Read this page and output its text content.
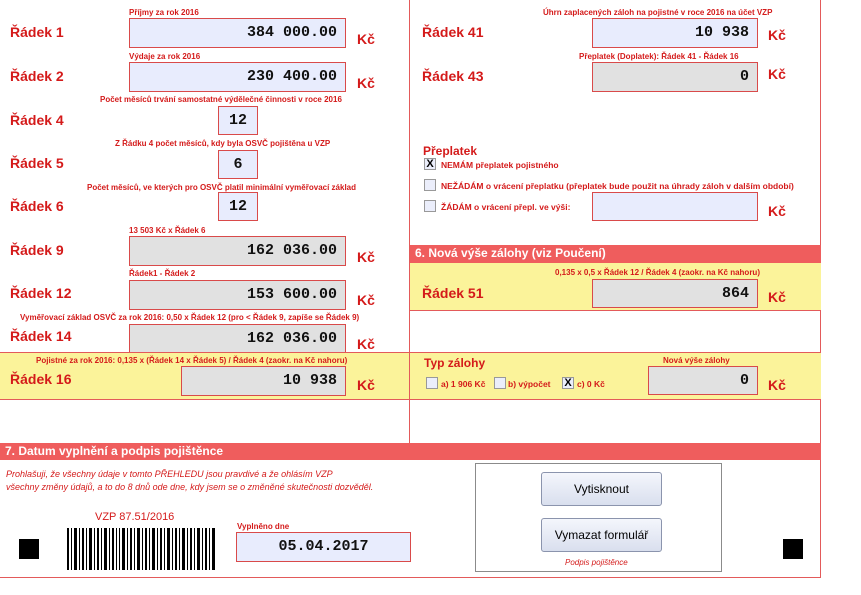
Řádek 1
Příjmy za rok 2016
384 000.00	Kč
Řádek 2
Výdaje za rok 2016
230 400.00	Kč
Řádek 4
Počet měsíců trvání samostatné výdělečné činnosti v roce 2016
12
Řádek 5
Z Řádku 4 počet měsíců, kdy byla OSVČ pojištěna u VZP
6
Řádek 6
Počet měsíců, ve kterých pro OSVČ platil minimální vyměřovací základ
12
Řádek 9
13 503 Kč x Řádek 6
162 036.00	Kč
Řádek 12
Řádek1 - Řádek 2
153 600.00	Kč
Řádek 14
Vyměřovací základ OSVČ za rok 2016: 0,50 x Řádek 12 (pro < Řádek 9, zapíše se Řádek 9)
162 036.00	Kč
Pojistné za rok 2016: 0,135 x (Řádek 14 x Řádek 5) / Řádek 4 (zaokr. na Kč nahoru)
Řádek 16	10 938	Kč
Řádek 41
Úhrn zaplacených záloh na pojistné v roce 2016 na účet VZP
10 938	Kč
Řádek 43
Přeplatek (Doplatek): Řádek 41 - Řádek 16
0	Kč
Přeplatek
X NEMÁM přeplatek pojistného
NEŽÁDÁM o vrácení přeplatku (přeplatek bude použit na úhrady záloh v dalším období)
ŽÁDÁM o vrácení přepl. ve výši:	Kč
6. Nová výše zálohy (viz Poučení)
0,135 x 0,5 x Řádek 12 / Řádek 4 (zaokr. na Kč nahoru)
Řádek 51	864	Kč
Typ zálohy
a) 1 906 Kč	b) výpočet X c) 0 Kč
Nová výše zálohy
0	Kč
7. Datum vyplnění a podpis pojištěnce
Prohlašuji, že všechny údaje v tomto PŘEHLEDU jsou pravdivé a že ohlásím VZP
všechny změny údajů, a to do 8 dnů ode dne, kdy jsem se o změněné skutečnosti dozvěděl.
VZP 87.51/2016
Vyplněno dne
05.04.2017
Vytisknout
Vymazat formulář
Podpis pojištěnce
